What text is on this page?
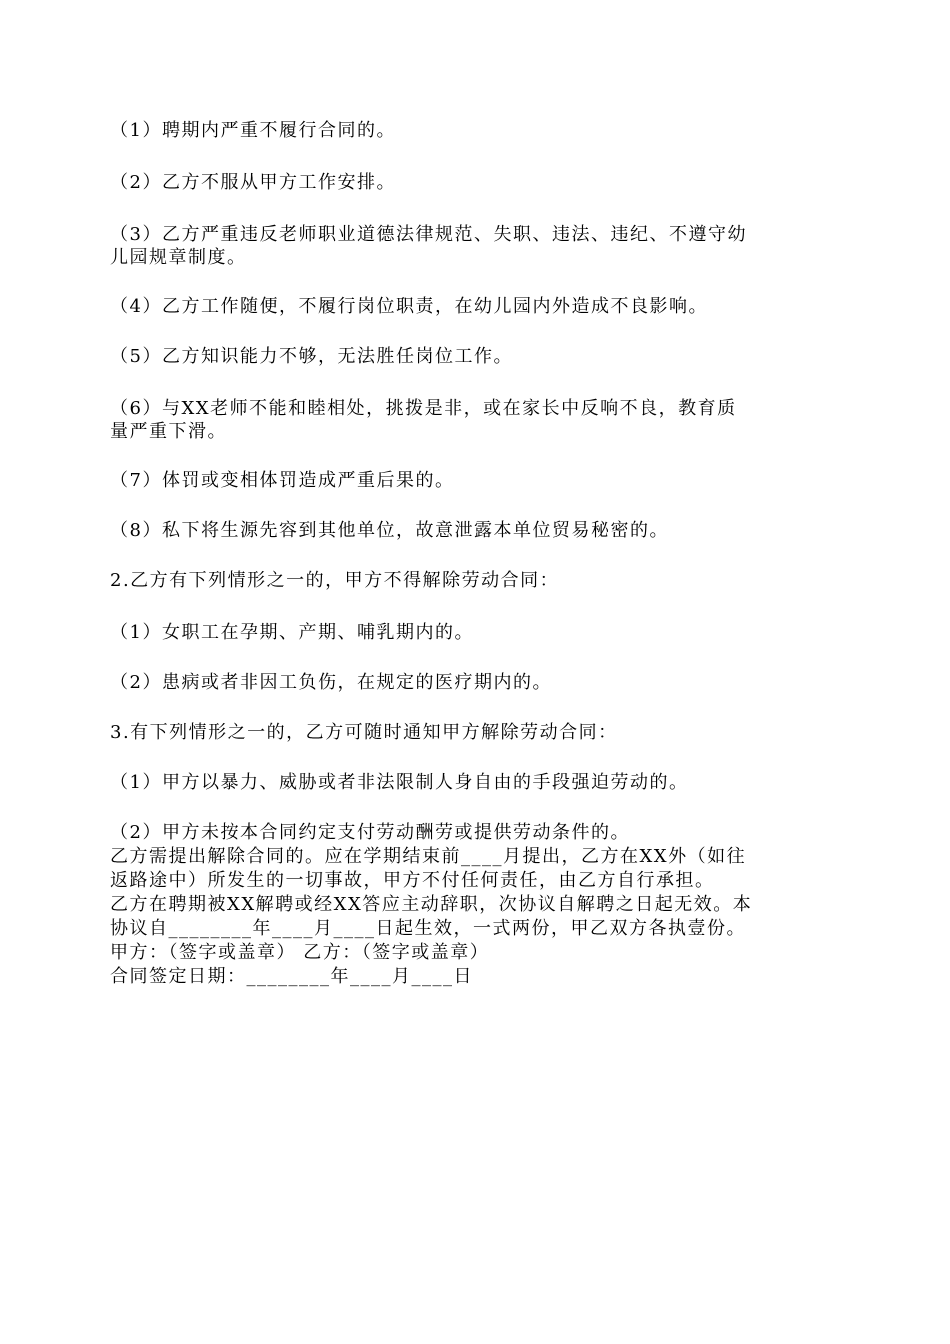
（1）聘期内严重不履行合同的。
（2）乙方不服从甲方工作安排。
（3）乙方严重违反老师职业道德法律规范、失职、违法、违纪、不遵守幼
儿园规章制度。
（4）乙方工作随便，不履行岗位职责，在幼儿园内外造成不良影响。
（5）乙方知识能力不够，无法胜任岗位工作。
（6）与XX老师不能和睦相处，挑拨是非，或在家长中反响不良，教育质
量严重下滑。
（7）体罚或变相体罚造成严重后果的。
（8）私下将生源先容到其他单位，故意泄露本单位贸易秘密的。
2.乙方有下列情形之一的，甲方不得解除劳动合同：
（1）女职工在孕期、产期、哺乳期内的。
（2）患病或者非因工负伤，在规定的医疗期内的。
3.有下列情形之一的，乙方可随时通知甲方解除劳动合同：
（1）甲方以暴力、威胁或者非法限制人身自由的手段强迫劳动的。
（2）甲方未按本合同约定支付劳动酬劳或提供劳动条件的。
乙方需提出解除合同的。应在学期结束前____月提出，乙方在XX外（如往
返路途中）所发生的一切事故，甲方不付任何责任，由乙方自行承担。
乙方在聘期被XX解聘或经XX答应主动辞职，次协议自解聘之日起无效。本
协议自________年____月____日起生效，一式两份，甲乙双方各执壹份。
甲方：（签字或盖章） 乙方：（签字或盖章）
合同签定日期：________年____月____日
